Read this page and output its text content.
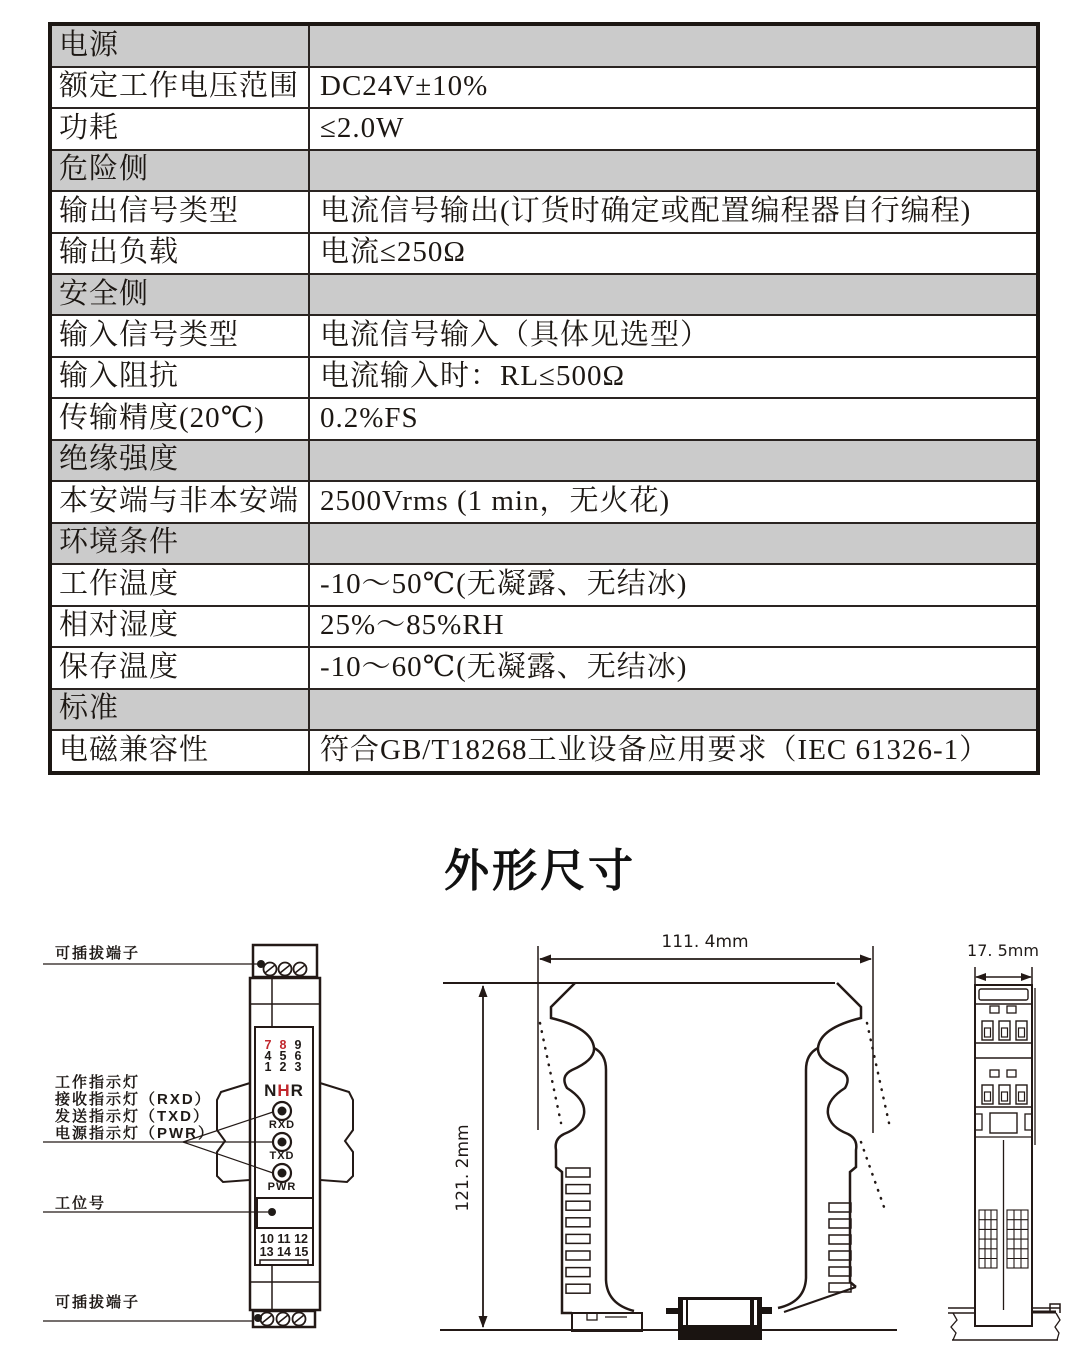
电源	
额定工作电压范围	DC24V±10%
功耗	≤2.0W
危险侧	
输出信号类型	电流信号输出(订货时确定或配置编程器自行编程)
输出负载	电流≤250Ω
安全侧	
输入信号类型	电流信号输入（具体见选型）
输入阻抗	电流输入时：RL≤500Ω
传输精度(20℃)	0.2%FS
绝缘强度	
本安端与非本安端	2500Vrms (1 min，无火花)
环境条件	
工作温度	-10～50℃(无凝露、无结冰)
相对湿度	25%～85%RH
保存温度	-10～60℃(无凝露、无结冰)
标准	
电磁兼容性	符合GB/T18268工业设备应用要求（IEC 61326-1）
外形尺寸
7 8 9
4 5 6
1 2 3
NHR
RXD
TXD
PWR
10 11 12
13 14 15
可插拔端子
工作指示灯
接收指示灯（RXD）
发送指示灯（TXD）
电源指示灯（PWR）
工位号
可插拔端子
111. 4mm
121. 2mm
17. 5mm
